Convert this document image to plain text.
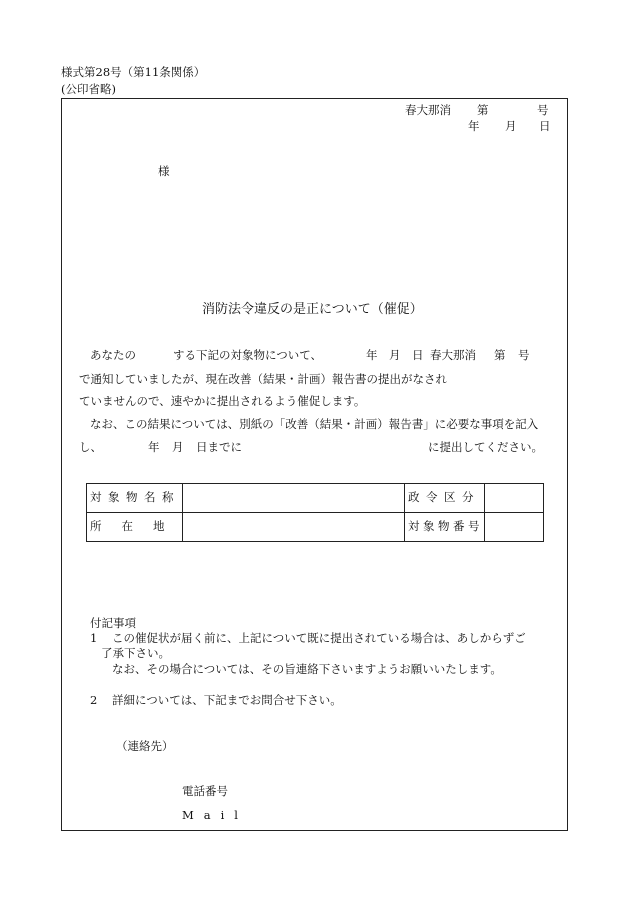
様式第28号（第11条関係）
(公印省略)
春大那消 第	号
年 月 日
様
消防法令違反の是正について（催促）
あなたの	する下記の対象物について、	年 月 日 春大那消 第 号
で通知していましたが、現在改善（結果・計画）報告書の提出がなされ
ていませんので、速やかに提出されるよう催促します。
なお、この結果については、別紙の「改善（結果・計画）報告書」に必要な事項を記入
し、	年 月 日までに	に提出してください。
対象物名称		政令区分	
所在地		対象物番号	
付記事項
1 この催促状が届く前に、上記について既に提出されている場合は、あしからずご
了承下さい。
なお、その場合については、その旨連絡下さいますようお願いいたします。
2 詳細については、下記までお問合せ下さい。
（連絡先）
電話番号
Mail
